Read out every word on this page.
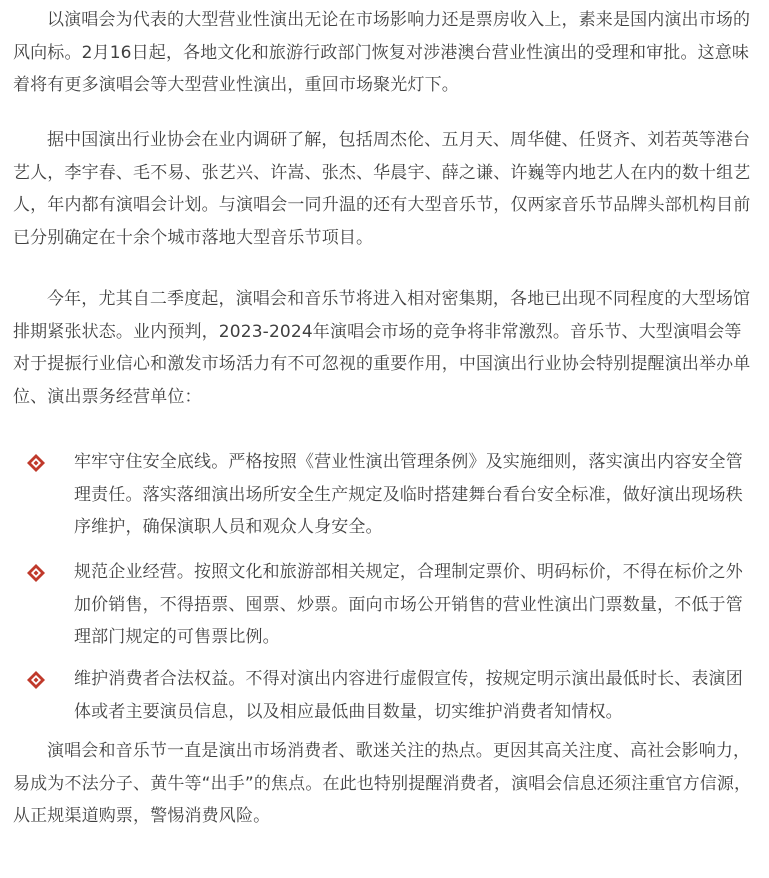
以演唱会为代表的大型营业性演出无论在市场影响力还是票房收入上，素来是国内演出市场的风向标。2月16日起，各地文化和旅游行政部门恢复对涉港澳台营业性演出的受理和审批。这意味着将有更多演唱会等大型营业性演出，重回市场聚光灯下。

据中国演出行业协会在业内调研了解，包括周杰伦、五月天、周华健、任贤齐、刘若英等港台艺人，李宇春、毛不易、张艺兴、许嵩、张杰、华晨宇、薛之谦、许巍等内地艺人在内的数十组艺人，年内都有演唱会计划。与演唱会一同升温的还有大型音乐节，仅两家音乐节品牌头部机构目前已分别确定在十余个城市落地大型音乐节项目。

今年，尤其自二季度起，演唱会和音乐节将进入相对密集期，各地已出现不同程度的大型场馆排期紧张状态。业内预判，2023-2024年演唱会市场的竞争将非常激烈。音乐节、大型演唱会等对于提振行业信心和激发市场活力有不可忽视的重要作用，中国演出行业协会特别提醒演出举办单位、演出票务经营单位：

牢牢守住安全底线。严格按照《营业性演出管理条例》及实施细则，落实演出内容安全管理责任。落实落细演出场所安全生产规定及临时搭建舞台看台安全标准，做好演出现场秩序维护，确保演职人员和观众人身安全。

规范企业经营。按照文化和旅游部相关规定，合理制定票价、明码标价，不得在标价之外加价销售，不得捂票、囤票、炒票。面向市场公开销售的营业性演出门票数量，不低于管理部门规定的可售票比例。

维护消费者合法权益。不得对演出内容进行虚假宣传，按规定明示演出最低时长、表演团体或者主要演员信息，以及相应最低曲目数量，切实维护消费者知情权。

演唱会和音乐节一直是演出市场消费者、歌迷关注的热点。更因其高关注度、高社会影响力，易成为不法分子、黄牛等“出手”的焦点。在此也特别提醒消费者，演唱会信息还须注重官方信源，从正规渠道购票，警惕消费风险。
